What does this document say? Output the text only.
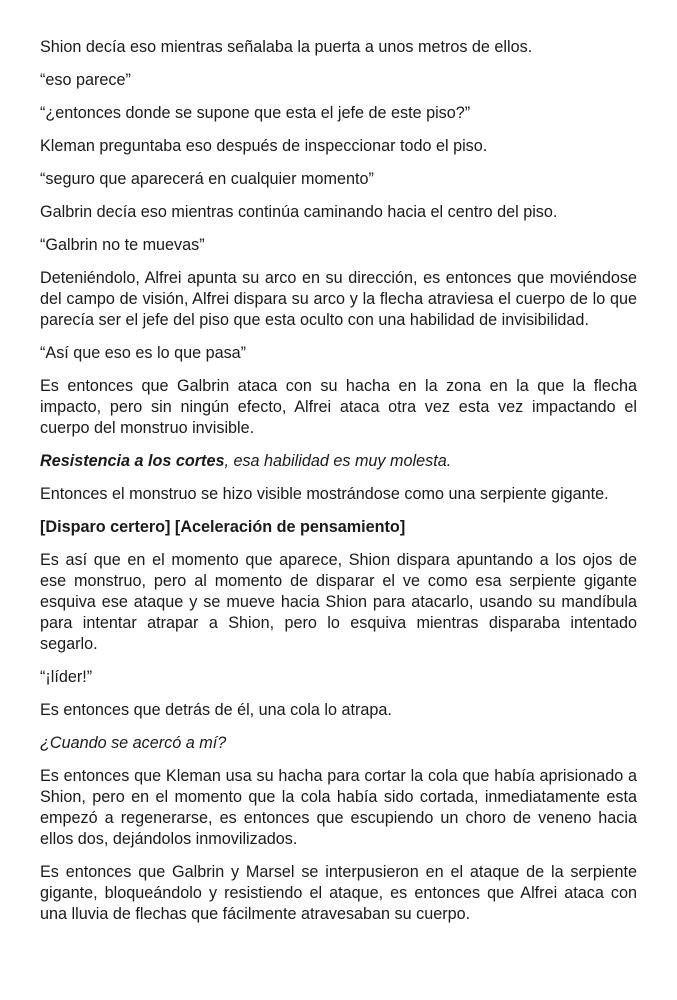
Shion decía eso mientras señalaba la puerta a unos metros de ellos.

“eso parece”

“¿entonces donde se supone que esta el jefe de este piso?”

Kleman preguntaba eso después de inspeccionar todo el piso.

“seguro que aparecerá en cualquier momento”

Galbrin decía eso mientras continúa caminando hacia el centro del piso.

“Galbrin no te muevas”

Deteniéndolo, Alfrei apunta su arco en su dirección, es entonces que moviéndose del campo de visión, Alfrei dispara su arco y la flecha atraviesa el cuerpo de lo que parecía ser el jefe del piso que esta oculto con una habilidad de invisibilidad.

“Así que eso es lo que pasa”

Es entonces que Galbrin ataca con su hacha en la zona en la que la flecha impacto, pero sin ningún efecto, Alfrei ataca otra vez esta vez impactando el cuerpo del monstruo invisible.

Resistencia a los cortes, esa habilidad es muy molesta.

Entonces el monstruo se hizo visible mostrándose como una serpiente gigante.

[Disparo certero] [Aceleración de pensamiento]

Es así que en el momento que aparece, Shion dispara apuntando a los ojos de ese monstruo, pero al momento de disparar el ve como esa serpiente gigante esquiva ese ataque y se mueve hacia Shion para atacarlo, usando su mandíbula para intentar atrapar a Shion, pero lo esquiva mientras disparaba intentado segarlo.

“¡líder!”

Es entonces que detrás de él, una cola lo atrapa.

¿Cuando se acercó a mí?

Es entonces que Kleman usa su hacha para cortar la cola que había aprisionado a Shion, pero en el momento que la cola había sido cortada, inmediatamente esta empezó a regenerarse, es entonces que escupiendo un choro de veneno hacia ellos dos, dejándolos inmovilizados.

Es entonces que Galbrin y Marsel se interpusieron en el ataque de la serpiente gigante, bloqueándolo y resistiendo el ataque, es entonces que Alfrei ataca con una lluvia de flechas que fácilmente atravesaban su cuerpo.
